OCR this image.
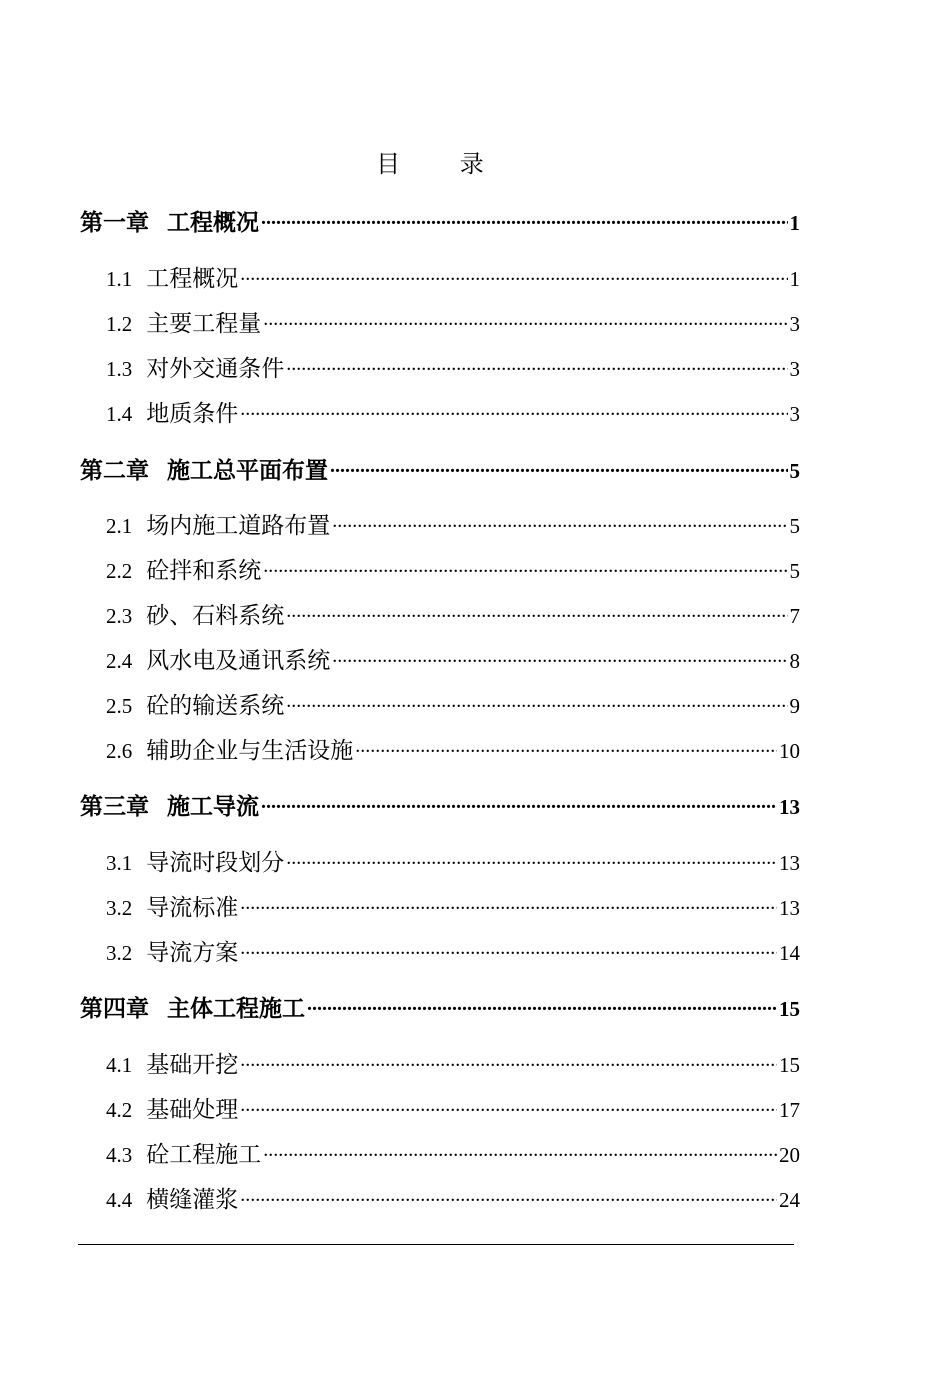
目 录
第一章 工程概况 .....	1
1.1 工程概况 .....	1
1.2 主要工程量 .....	3
1.3 对外交通条件 .....	3
1.4 地质条件 .....	3
第二章 施工总平面布置 .....	5
2.1 场内施工道路布置 .....	5
2.2 砼拌和系统 .....	5
2.3 砂、石料系统 .....	7
2.4 风水电及通讯系统 .....	8
2.5 砼的输送系统 .....	9
2.6 辅助企业与生活设施 .....	10
第三章 施工导流 .....	13
3.1 导流时段划分 .....	13
3.2 导流标准 .....	13
3.2 导流方案 .....	14
第四章 主体工程施工 .....	15
4.1 基础开挖 .....	15
4.2 基础处理 .....	17
4.3 砼工程施工 .....	20
4.4 横缝灌浆 .....	24
